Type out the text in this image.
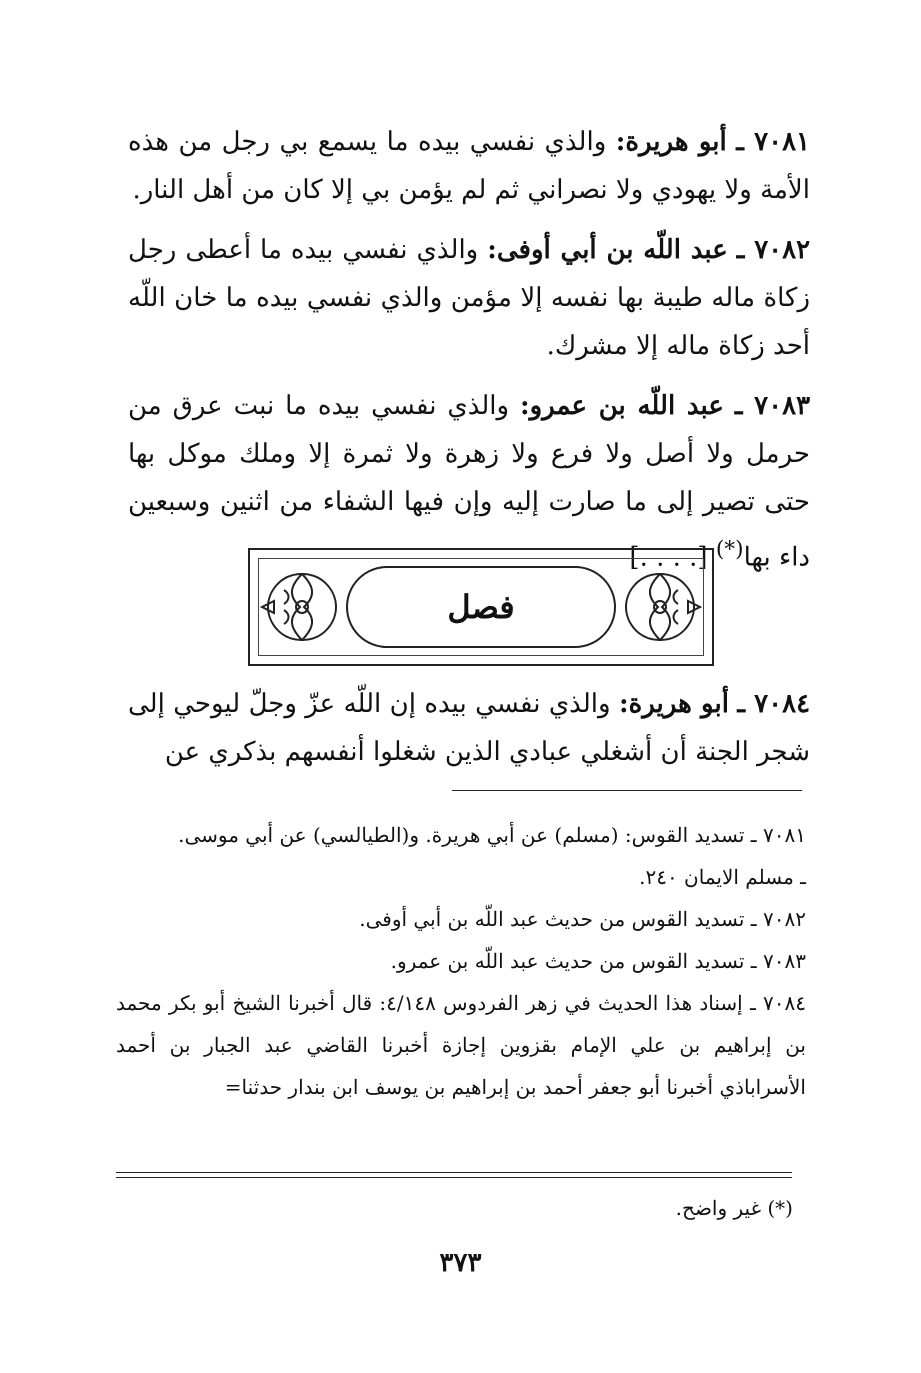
٧٠٨١ ـ أبو هريرة: والذي نفسي بيده ما يسمع بي رجل من هذه الأمة ولا يهودي ولا نصراني ثم لم يؤمن بي إلا كان من أهل النار.

٧٠٨٢ ـ عبد اللّه بن أبي أوفى: والذي نفسي بيده ما أعطى رجل زكاة ماله طيبة بها نفسه إلا مؤمن والذي نفسي بيده ما خان اللّه أحد زكاة ماله إلا مشرك.

٧٠٨٣ ـ عبد اللّه بن عمرو: والذي نفسي بيده ما نبت عرق من حرمل ولا أصل ولا فرع ولا زهرة ولا ثمرة إلا وملك موكل بها حتى تصير إلى ما صارت إليه وإن فيها الشفاء من اثنين وسبعين داء بها(*) [. . . .]

فصل

٧٠٨٤ ـ أبو هريرة: والذي نفسي بيده إن اللّه عزّ وجلّ ليوحي إلى شجر الجنة أن أشغلي عبادي الذين شغلوا أنفسهم بذكري عن

٧٠٨١ ـ تسديد القوس: (مسلم) عن أبي هريرة. و(الطيالسي) عن أبي موسى.

ـ مسلم الايمان ٢٤٠.

٧٠٨٢ ـ تسديد القوس من حديث عبد اللّه بن أبي أوفى.

٧٠٨٣ ـ تسديد القوس من حديث عبد اللّه بن عمرو.

٧٠٨٤ ـ إسناد هذا الحديث في زهر الفردوس ٤/١٤٨: قال أخبرنا الشيخ أبو بكر محمد بن إبراهيم بن علي الإمام بقزوين إجازة أخبرنا القاضي عبد الجبار بن أحمد الأسراباذي أخبرنا أبو جعفر أحمد بن إبراهيم بن يوسف ابن بندار حدثنا=

(*) غير واضح.
٣٧٣
